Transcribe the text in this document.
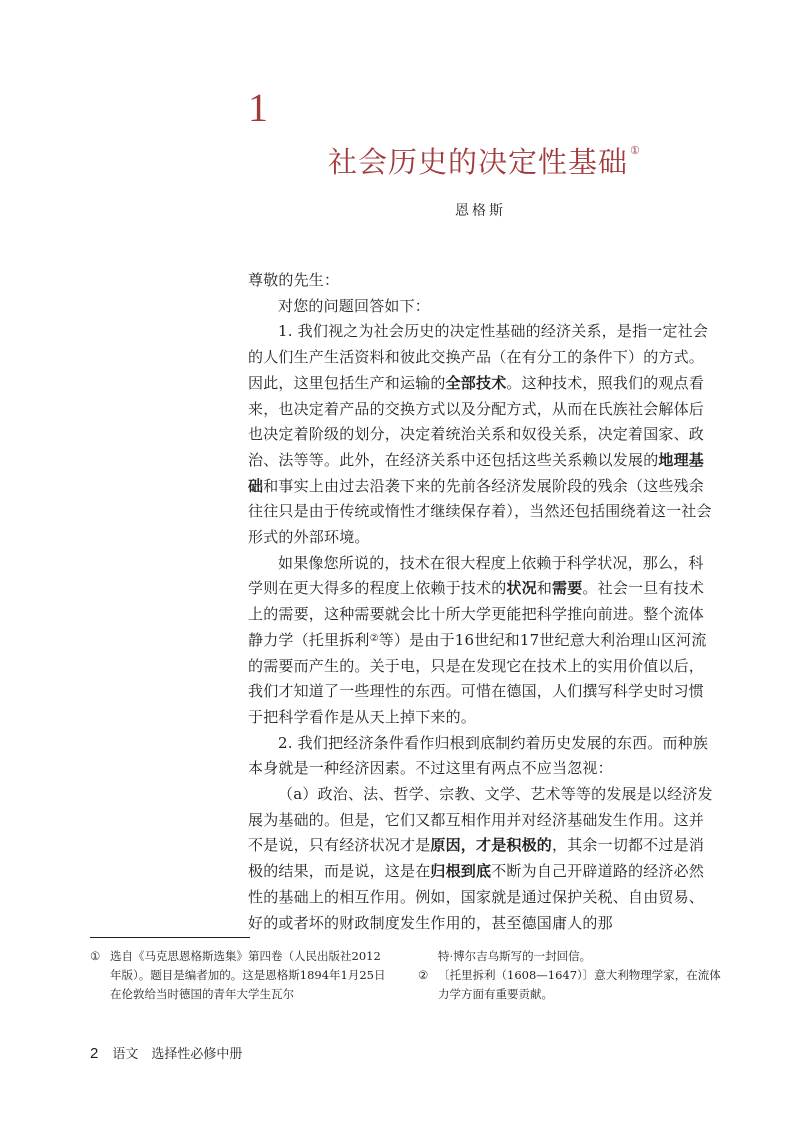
1
社会历史的决定性基础 ①
恩格斯

尊敬的先生：

对您的问题回答如下：

1. 我们视之为社会历史的决定性基础的经济关系，是指一定社会的人们生产生活资料和彼此交换产品（在有分工的条件下）的方式。因此，这里包括生产和运输的全部技术。这种技术，照我们的观点看来，也决定着产品的交换方式以及分配方式，从而在氏族社会解体后也决定着阶级的划分，决定着统治关系和奴役关系，决定着国家、政治、法等等。此外，在经济关系中还包括这些关系赖以发展的地理基础和事实上由过去沿袭下来的先前各经济发展阶段的残余（这些残余往往只是由于传统或惰性才继续保存着），当然还包括围绕着这一社会形式的外部环境。

如果像您所说的，技术在很大程度上依赖于科学状况，那么，科学则在更大得多的程度上依赖于技术的状况和需要。社会一旦有技术上的需要，这种需要就会比十所大学更能把科学推向前进。整个流体静力学（托里拆利②等）是由于16世纪和17世纪意大利治理山区河流的需要而产生的。关于电，只是在发现它在技术上的实用价值以后，我们才知道了一些理性的东西。可惜在德国，人们撰写科学史时习惯于把科学看作是从天上掉下来的。

2. 我们把经济条件看作归根到底制约着历史发展的东西。而种族本身就是一种经济因素。不过这里有两点不应当忽视：

（a）政治、法、哲学、宗教、文学、艺术等等的发展是以经济发展为基础的。但是，它们又都互相作用并对经济基础发生作用。这并不是说，只有经济状况才是原因，才是积极的，其余一切都不过是消极的结果，而是说，这是在归根到底不断为自己开辟道路的经济必然性的基础上的相互作用。例如，国家就是通过保护关税、自由贸易、好的或者坏的财政制度发生作用的，甚至德国庸人的那

① 选自《马克思恩格斯选集》第四卷（人民出版社2012年版）。题目是编者加的。这是恩格斯1894年1月25日在伦敦给当时德国的青年大学生瓦尔
特·博尔吉乌斯写的一封回信。
② 〔托里拆利（1608—1647）〕意大利物理学家，在流体力学方面有重要贡献。
2 语文　选择性必修中册
